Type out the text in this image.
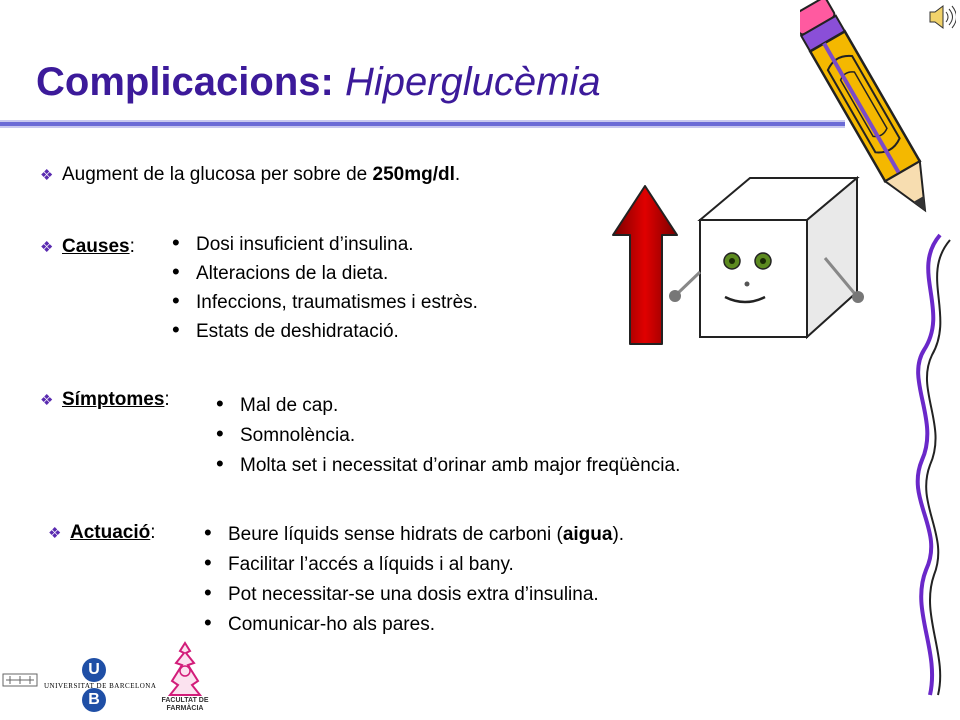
Complicacions: Hiperglucèmia
❖ Augment de la glucosa per sobre de 250mg/dl.
❖ Causes:	• Dosi insuficient d’insulina.
• Alteracions de la dieta.
• Infeccions, traumatismes i estrès.
• Estats de deshidratació.
❖ Símptomes:	• Mal de cap.
• Somnolència.
• Molta set i necessitat d’orinar amb major freqüència.
❖ Actuació:	• Beure líquids sense hidrats de carboni (aigua).
• Facilitar l’accés a líquids i al bany.
• Pot necessitar-se una dosis extra d’insulina.
• Comunicar-ho als pares.
U
B
UNIVERSITAT DE BARCELONA
FACULTAT DE
FARMÀCIA
